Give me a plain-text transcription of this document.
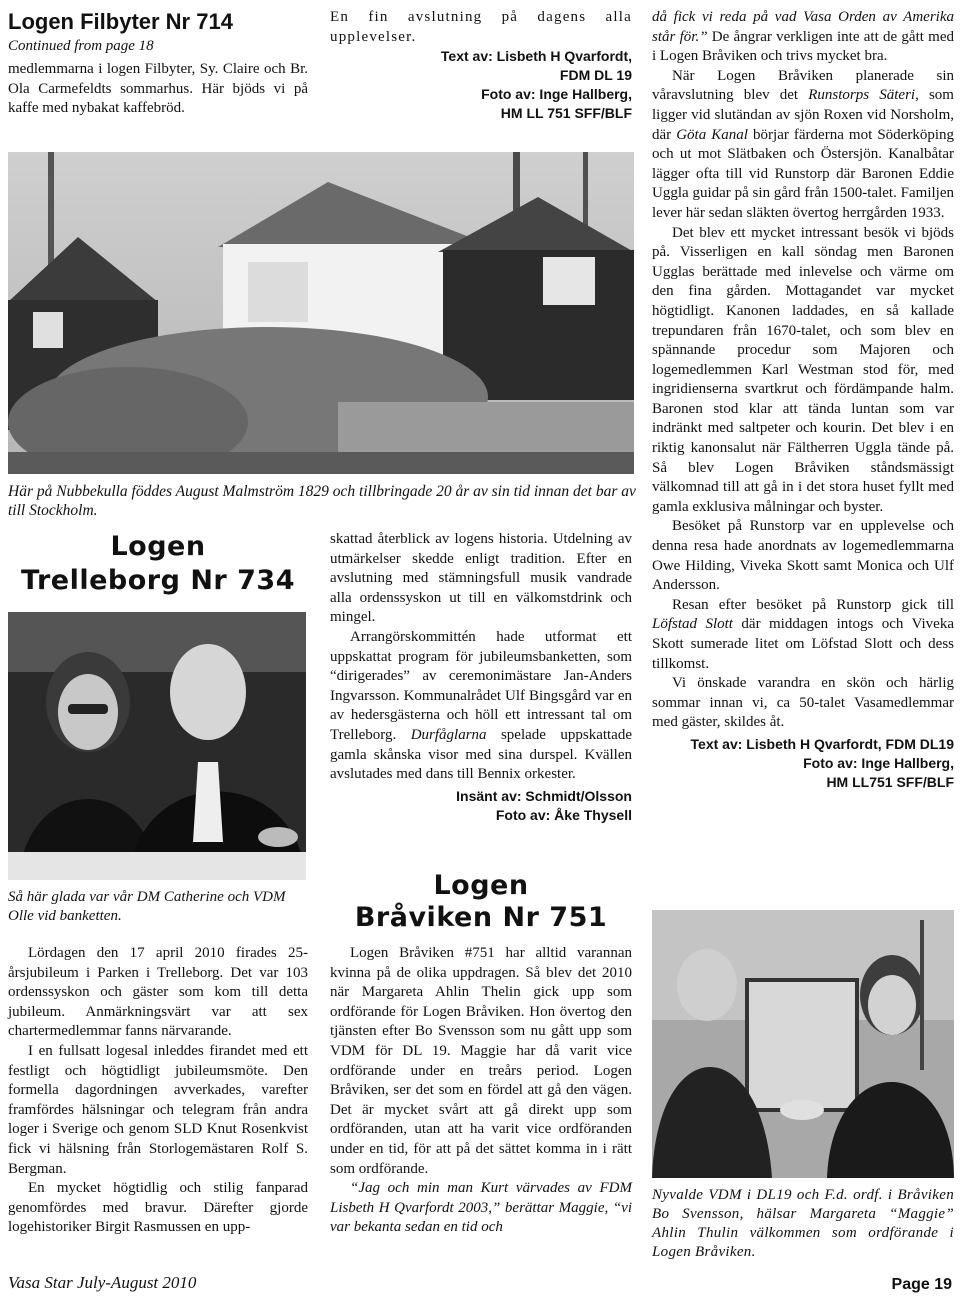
Logen Filbyter Nr 714
Continued from page 18

medlemmarna i logen Filbyter, Sy. Claire och Br. Ola Carmefeldts sommarhus. Här bjöds vi på kaffe med nybakat kaffebröd.

En fin avslutning på dagens alla upplevelser.

Text av: Lisbeth H Qvarfordt,
FDM DL 19
Foto av: Inge Hallberg,
HM LL 751 SFF/BLF
Här på Nubbekulla föddes August Malmström 1829 och tillbringade 20 år av sin tid innan det bar av till Stockholm.
Logen
Trelleborg Nr 734
Så här glada var vår DM Catherine och VDM Olle vid banketten.

Lördagen den 17 april 2010 firades 25-årsjubileum i Parken i Trelleborg. Det var 103 ordenssyskon och gäster som kom till detta jubileum. Anmärkningsvärt var att sex chartermedlemmar fanns närvarande.

I en fullsatt logesal inleddes firandet med ett festligt och högtidligt jubileumsmöte. Den formella dagordningen avverkades, varefter framfördes hälsningar och telegram från andra loger i Sverige och genom SLD Knut Rosenkvist fick vi hälsning från Storlogemästaren Rolf S. Bergman.

En mycket högtidlig och stilig fanparad genomfördes med bravur. Därefter gjorde logehistoriker Birgit Rasmussen en upp-

skattad återblick av logens historia. Utdelning av utmärkelser skedde enligt tradition. Efter en avslutning med stämningsfull musik vandrade alla ordenssyskon ut till en välkomstdrink och mingel.

Arrangörskommittén hade utformat ett uppskattat program för jubileumsbanketten, som “dirigerades” av ceremonimästare Jan-Anders Ingvarsson. Kommunalrådet Ulf Bingsgård var en av hedersgästerna och höll ett intressant tal om Trelleborg. Durfåglarna spelade uppskattade gamla skånska visor med sina durspel. Kvällen avslutades med dans till Bennix orkester.

Insänt av: Schmidt/Olsson
Foto av: Åke Thysell
Logen
Bråviken Nr 751

Logen Bråviken #751 har alltid varannan kvinna på de olika uppdragen. Så blev det 2010 när Margareta Ahlin Thelin gick upp som ordförande för Logen Bråviken. Hon övertog den tjänsten efter Bo Svensson som nu gått upp som VDM för DL 19. Maggie har då varit vice ordförande under en treårs period. Logen Bråviken, ser det som en fördel att gå den vägen. Det är mycket svårt att gå direkt upp som ordföranden, utan att ha varit vice ordföranden under en tid, för att på det sättet komma in i rätt som ordförande.

“Jag och min man Kurt värvades av FDM Lisbeth H Qvarfordt 2003,” berättar Maggie, “vi var bekanta sedan en tid och

då fick vi reda på vad Vasa Orden av Amerika står för.” De ångrar verkligen inte att de gått med i Logen Bråviken och trivs mycket bra.

När Logen Bråviken planerade sin våravslutning blev det Runstorps Säteri, som ligger vid slutändan av sjön Roxen vid Norsholm, där Göta Kanal börjar färderna mot Söderköping och ut mot Slätbaken och Östersjön. Kanalbåtar lägger ofta till vid Runstorp där Baronen Eddie Uggla guidar på sin gård från 1500-talet. Familjen lever här sedan släkten övertog herrgården 1933.

Det blev ett mycket intressant besök vi bjöds på. Visserligen en kall söndag men Baronen Ugglas berättade med inlevelse och värme om den fina gården. Mottagandet var mycket högtidligt. Kanonen laddades, en så kallade trepundaren från 1670-talet, och som blev en spännande procedur som Majoren och logemedlemmen Karl Westman stod för, med ingridienserna svartkrut och fördämpande halm. Baronen stod klar att tända luntan som var indränkt med saltpeter och kourin. Det blev i en riktig kanonsalut när Fältherren Uggla tände på. Så blev Logen Bråviken ståndsmässigt välkomnad till att gå in i det stora huset fyllt med gamla exklusiva målningar och byster.

Besöket på Runstorp var en upplevelse och denna resa hade anordnats av logemedlemmarna Owe Hilding, Viveka Skott samt Monica och Ulf Andersson.

Resan efter besöket på Runstorp gick till Löfstad Slott där middagen intogs och Viveka Skott sumerade litet om Löfstad Slott och dess tillkomst.

Vi önskade varandra en skön och härlig sommar innan vi, ca 50-talet Vasamedlemmar med gäster, skildes åt.

Text av: Lisbeth H Qvarfordt, FDM DL19
Foto av: Inge Hallberg,
HM LL751 SFF/BLF
Nyvalde VDM i DL19 och F.d. ordf. i Bråviken Bo Svensson, hälsar Margareta “Maggie” Ahlin Thulin välkommen som ordförande i Logen Bråviken.
Vasa Star July-August 2010	Page 19
